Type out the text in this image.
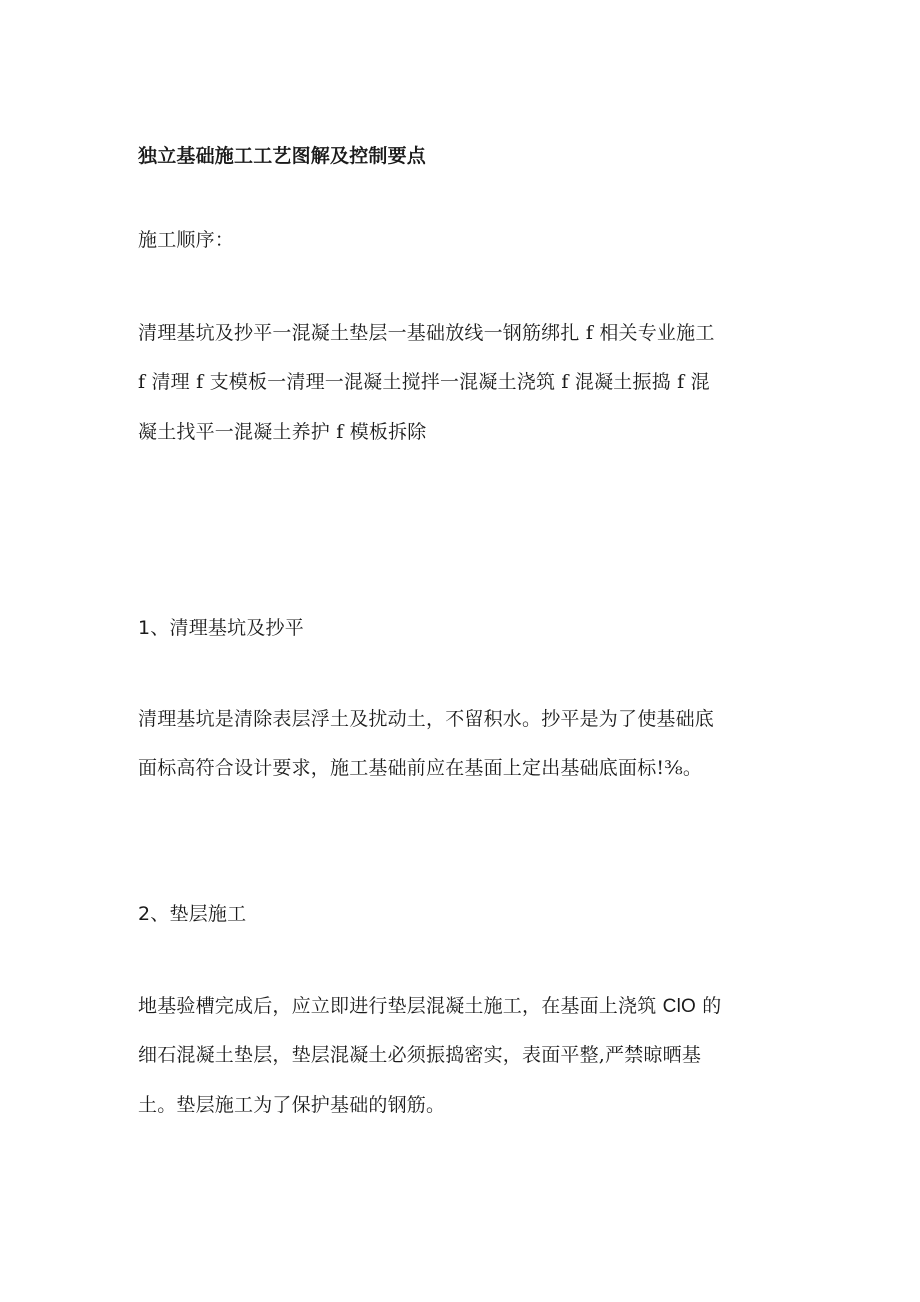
独立基础施工工艺图解及控制要点
施工顺序：
清理基坑及抄平一混凝土垫层一基础放线一钢筋绑扎 f 相关专业施工
f 清理 f 支模板一清理一混凝土搅拌一混凝土浇筑 f 混凝土振捣 f 混
凝土找平一混凝土养护 f 模板拆除
1、清理基坑及抄平
清理基坑是清除表层浮土及扰动土，不留积水。抄平是为了使基础底
面标高符合设计要求，施工基础前应在基面上定出基础底面标!⅜。
2、垫层施工
地基验槽完成后，应立即进行垫层混凝土施工，在基面上浇筑 ClO 的
细石混凝土垫层，垫层混凝土必须振捣密实，表面平整,严禁晾晒基
土。垫层施工为了保护基础的钢筋。
